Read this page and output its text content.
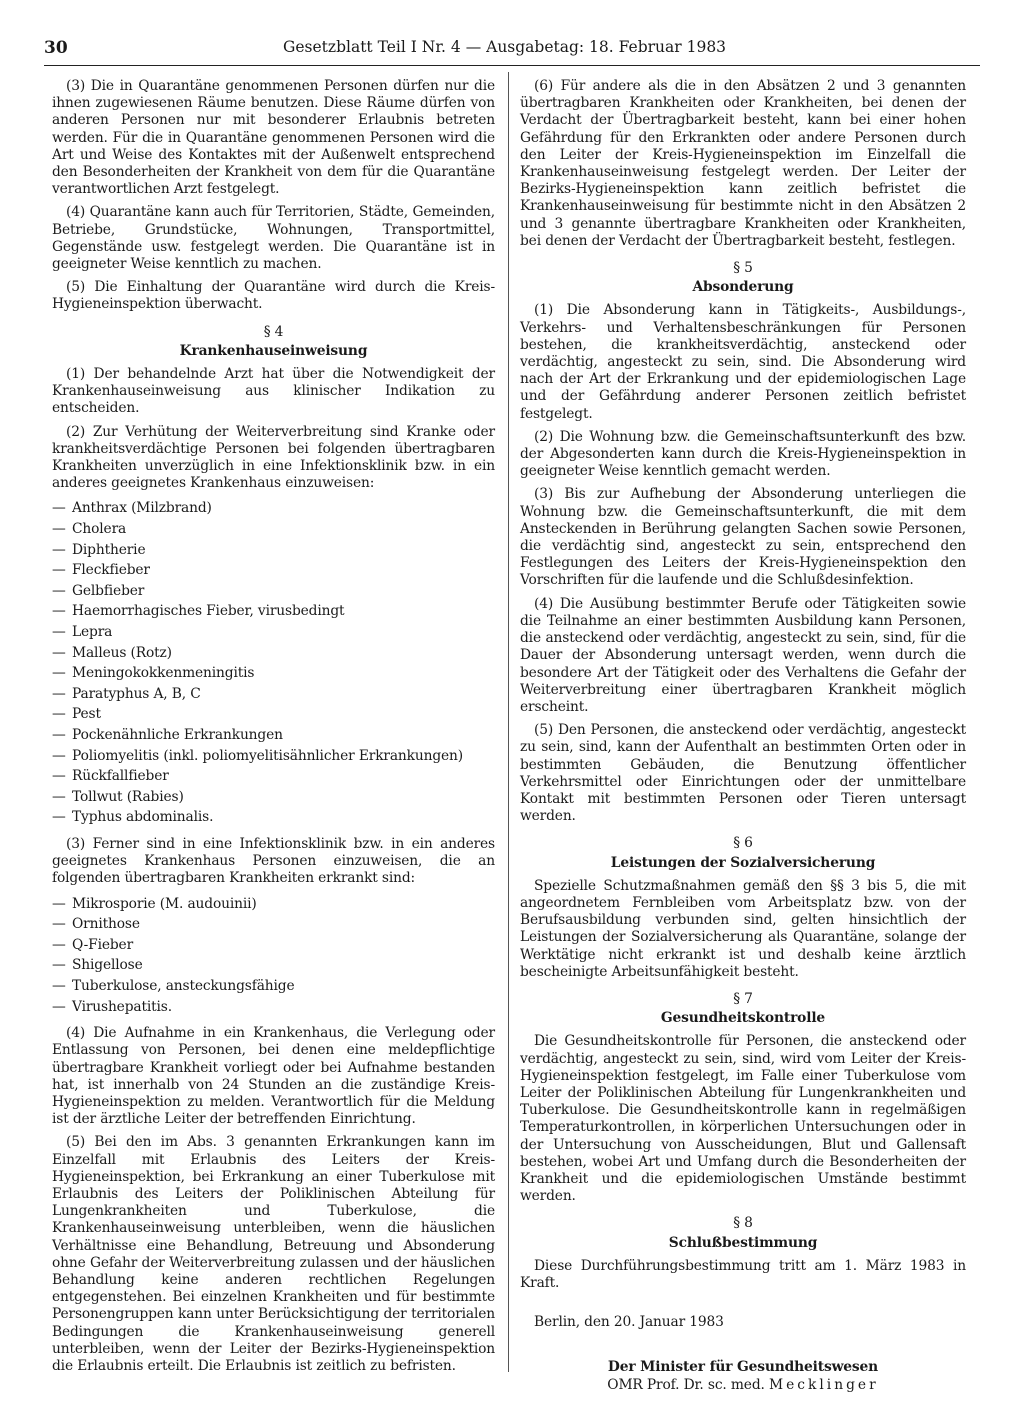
30	Gesetzblatt Teil I Nr. 4 — Ausgabetag: 18. Februar 1983

(3) Die in Quarantäne genommenen Personen dürfen nur die ihnen zugewiesenen Räume benutzen. Diese Räume dürfen von anderen Personen nur mit besonderer Erlaubnis betreten werden. Für die in Quarantäne genommenen Personen wird die Art und Weise des Kontaktes mit der Außenwelt entsprechend den Besonderheiten der Krankheit von dem für die Quarantäne verantwortlichen Arzt festgelegt.

(4) Quarantäne kann auch für Territorien, Städte, Gemeinden, Betriebe, Grundstücke, Wohnungen, Transportmittel, Gegenstände usw. festgelegt werden. Die Quarantäne ist in geeigneter Weise kenntlich zu machen.

(5) Die Einhaltung der Quarantäne wird durch die Kreis-Hygieneinspektion überwacht.

§ 4

Krankenhauseinweisung

(1) Der behandelnde Arzt hat über die Notwendigkeit der Krankenhauseinweisung aus klinischer Indikation zu entscheiden.

(2) Zur Verhütung der Weiterverbreitung sind Kranke oder krankheitsverdächtige Personen bei folgenden übertragbaren Krankheiten unverzüglich in eine Infektionsklinik bzw. in ein anderes geeignetes Krankenhaus einzuweisen:

— Anthrax (Milzbrand)
— Cholera
— Diphtherie
— Fleckfieber
— Gelbfieber
— Haemorrhagisches Fieber, virusbedingt
— Lepra
— Malleus (Rotz)
— Meningokokkenmeningitis
— Paratyphus A, B, C
— Pest
— Pockenähnliche Erkrankungen
— Poliomyelitis (inkl. poliomyelitisähnlicher Erkrankungen)
— Rückfallfieber
— Tollwut (Rabies)
— Typhus abdominalis.

(3) Ferner sind in eine Infektionsklinik bzw. in ein anderes geeignetes Krankenhaus Personen einzuweisen, die an folgenden übertragbaren Krankheiten erkrankt sind:

— Mikrosporie (M. audouinii)
— Ornithose
— Q-Fieber
— Shigellose
— Tuberkulose, ansteckungsfähige
— Virushepatitis.

(4) Die Aufnahme in ein Krankenhaus, die Verlegung oder Entlassung von Personen, bei denen eine meldepflichtige übertragbare Krankheit vorliegt oder bei Aufnahme bestanden hat, ist innerhalb von 24 Stunden an die zuständige Kreis-Hygieneinspektion zu melden. Verantwortlich für die Meldung ist der ärztliche Leiter der betreffenden Einrichtung.

(5) Bei den im Abs. 3 genannten Erkrankungen kann im Einzelfall mit Erlaubnis des Leiters der Kreis-Hygieneinspektion, bei Erkrankung an einer Tuberkulose mit Erlaubnis des Leiters der Poliklinischen Abteilung für Lungenkrankheiten und Tuberkulose, die Krankenhauseinweisung unterbleiben, wenn die häuslichen Verhältnisse eine Behandlung, Betreuung und Absonderung ohne Gefahr der Weiterverbreitung zulassen und der häuslichen Behandlung keine anderen rechtlichen Regelungen entgegenstehen. Bei einzelnen Krankheiten und für bestimmte Personengruppen kann unter Berücksichtigung der territorialen Bedingungen die Krankenhauseinweisung generell unterbleiben, wenn der Leiter der Bezirks-Hygieneinspektion die Erlaubnis erteilt. Die Erlaubnis ist zeitlich zu befristen.

(6) Für andere als die in den Absätzen 2 und 3 genannten übertragbaren Krankheiten oder Krankheiten, bei denen der Verdacht der Übertragbarkeit besteht, kann bei einer hohen Gefährdung für den Erkrankten oder andere Personen durch den Leiter der Kreis-Hygieneinspektion im Einzelfall die Krankenhauseinweisung festgelegt werden. Der Leiter der Bezirks-Hygieneinspektion kann zeitlich befristet die Krankenhauseinweisung für bestimmte nicht in den Absätzen 2 und 3 genannte übertragbare Krankheiten oder Krankheiten, bei denen der Verdacht der Übertragbarkeit besteht, festlegen.

§ 5

Absonderung

(1) Die Absonderung kann in Tätigkeits-, Ausbildungs-, Verkehrs- und Verhaltensbeschränkungen für Personen bestehen, die krankheitsverdächtig, ansteckend oder verdächtig, angesteckt zu sein, sind. Die Absonderung wird nach der Art der Erkrankung und der epidemiologischen Lage und der Gefährdung anderer Personen zeitlich befristet festgelegt.

(2) Die Wohnung bzw. die Gemeinschaftsunterkunft des bzw. der Abgesonderten kann durch die Kreis-Hygieneinspektion in geeigneter Weise kenntlich gemacht werden.

(3) Bis zur Aufhebung der Absonderung unterliegen die Wohnung bzw. die Gemeinschaftsunterkunft, die mit dem Ansteckenden in Berührung gelangten Sachen sowie Personen, die verdächtig sind, angesteckt zu sein, entsprechend den Festlegungen des Leiters der Kreis-Hygieneinspektion den Vorschriften für die laufende und die Schlußdesinfektion.

(4) Die Ausübung bestimmter Berufe oder Tätigkeiten sowie die Teilnahme an einer bestimmten Ausbildung kann Personen, die ansteckend oder verdächtig, angesteckt zu sein, sind, für die Dauer der Absonderung untersagt werden, wenn durch die besondere Art der Tätigkeit oder des Verhaltens die Gefahr der Weiterverbreitung einer übertragbaren Krankheit möglich erscheint.

(5) Den Personen, die ansteckend oder verdächtig, angesteckt zu sein, sind, kann der Aufenthalt an bestimmten Orten oder in bestimmten Gebäuden, die Benutzung öffentlicher Verkehrsmittel oder Einrichtungen oder der unmittelbare Kontakt mit bestimmten Personen oder Tieren untersagt werden.

§ 6

Leistungen der Sozialversicherung

Spezielle Schutzmaßnahmen gemäß den §§ 3 bis 5, die mit angeordnetem Fernbleiben vom Arbeitsplatz bzw. von der Berufsausbildung verbunden sind, gelten hinsichtlich der Leistungen der Sozialversicherung als Quarantäne, solange der Werktätige nicht erkrankt ist und deshalb keine ärztlich bescheinigte Arbeitsunfähigkeit besteht.

§ 7

Gesundheitskontrolle

Die Gesundheitskontrolle für Personen, die ansteckend oder verdächtig, angesteckt zu sein, sind, wird vom Leiter der Kreis-Hygieneinspektion festgelegt, im Falle einer Tuberkulose vom Leiter der Poliklinischen Abteilung für Lungenkrankheiten und Tuberkulose. Die Gesundheitskontrolle kann in regelmäßigen Temperaturkontrollen, in körperlichen Untersuchungen oder in der Untersuchung von Ausscheidungen, Blut und Gallensaft bestehen, wobei Art und Umfang durch die Besonderheiten der Krankheit und die epidemiologischen Umstände bestimmt werden.

§ 8

Schlußbestimmung

Diese Durchführungsbestimmung tritt am 1. März 1983 in Kraft.

Berlin, den 20. Januar 1983

Der Minister für Gesundheitswesen

OMR Prof. Dr. sc. med. Mecklinger
